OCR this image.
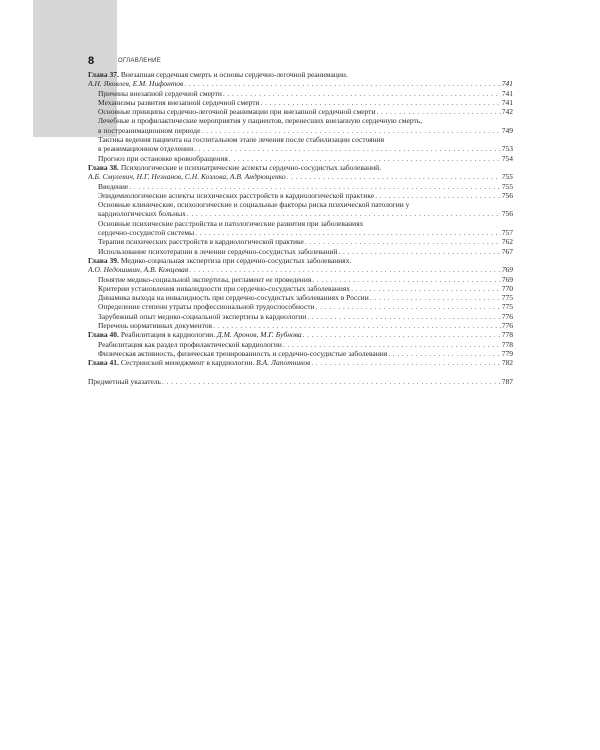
8	ОГЛАВЛЕНИЕ
Глава 37. Внезапная сердечная смерть и основы сердечно-легочной реанимации.
А.Н. Яковлев, Е.М. Нифонтов . . .	741
Причины внезапной сердечной смерти . . .	741
Механизмы развития внезапной сердечной смерти . . .	741
Основные принципы сердечно-легочной реанимации при внезапной сердечной смерти . . .	742
Лечебные и профилактические мероприятия у пациентов, перенесших внезапную сердечную смерть,
в постреанимационном периоде . . .	749
Тактика ведения пациента на госпитальном этапе лечения после стабилизации состояния
в реанимационном отделении . . .	753
Прогноз при остановке кровообращения . . .	754
Глава 38. Психологические и психиатрические аспекты сердечно-сосудистых заболеваний.
А.Б. Смулевич, Н.Г. Незнанов, С.Н. Козлова, А.В. Андрющенко . . .	755
Введение . . .	755
Эпидемиологические аспекты психических расстройств в кардиологической практике . . .	756
Основные клинические, психологические и социальные факторы риска психической патологии у
кардиологических больных . . .	756
Основные психические расстройства и патологические развития при заболеваниях
сердечно-сосудистой системы . . .	757
Терапия психических расстройств в кардиологической практике . . .	762
Использование психотерапии в лечении сердечно-сосудистых заболеваний . . .	767
Глава 39. Медико-социальная экспертиза при сердечно-сосудистых заболеваниях.
А.О. Недошивин, А.В. Концевая . . .	769
Понятие медико-социальной экспертизы, регламент ее проведения . . .	769
Критерии установления инвалидности при сердечно-сосудистых заболеваниях . . .	770
Динамика выхода на инвалидность при сердечно-сосудистых заболеваниях в России . . .	775
Определение степени утраты профессиональной трудоспособности . . .	775
Зарубежный опыт медико-социальной экспертизы в кардиологии . . .	776
Перечень нормативных документов . . .	776
Глава 40. Реабилитация в кардиологии. Д.М. Аронов, М.Г. Бубнова . . .	778
Реабилитация как раздел профилактической кардиологии . . .	778
Физическая активность, физическая тренированность и сердечно-сосудистые заболевания . . .	779
Глава 41. Сестринский менеджмент в кардиологии. В.А. Лапотников . . .	782
Предметный указатель . . .	787
